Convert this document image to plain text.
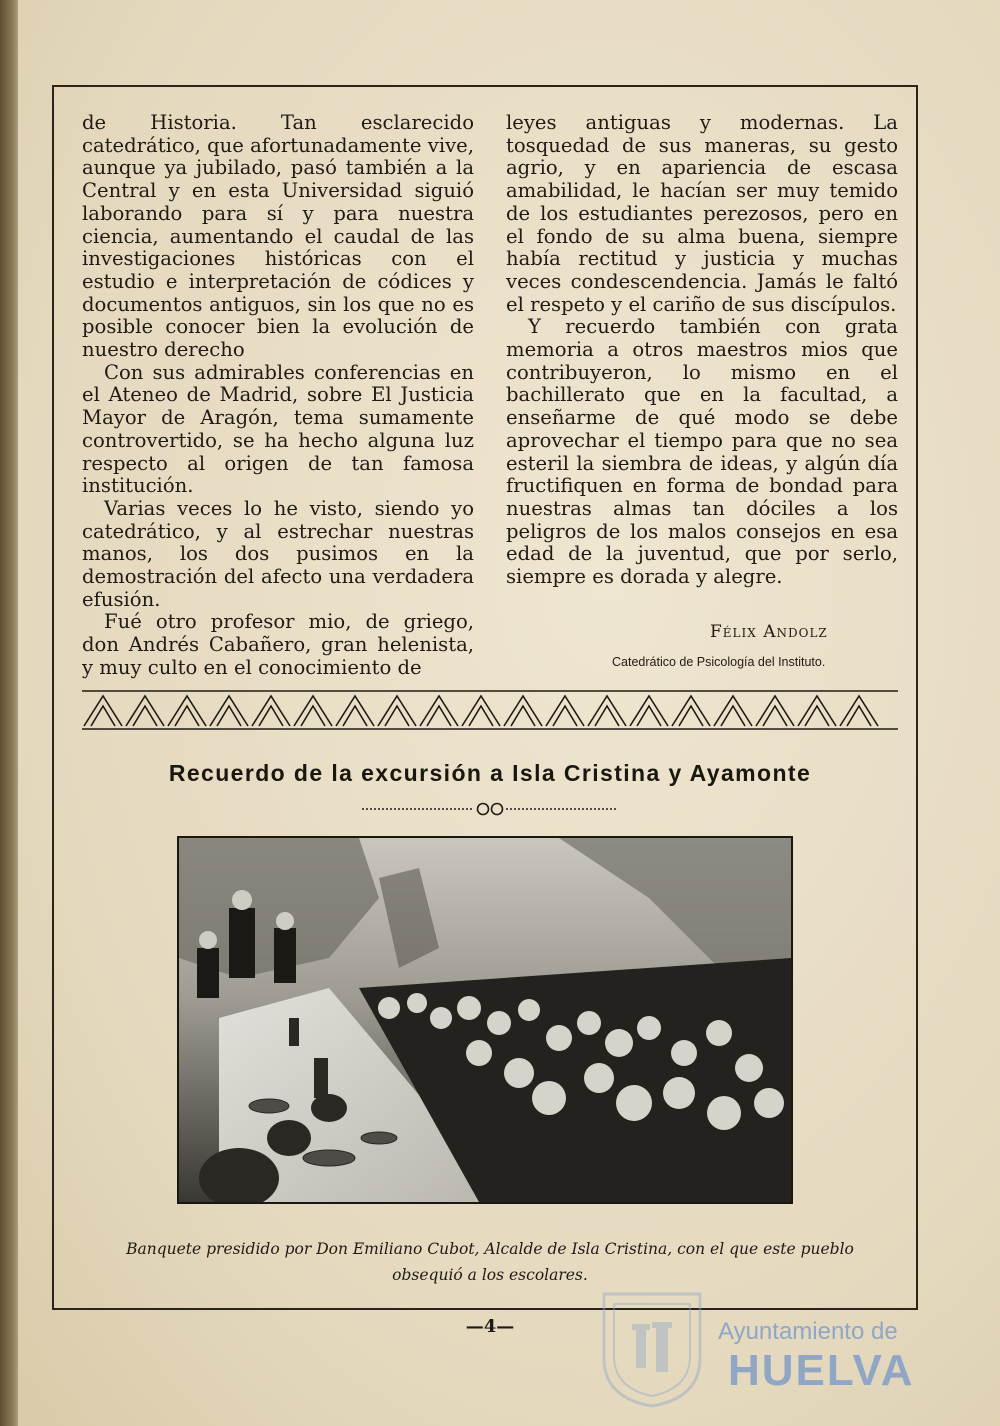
de Historia. Tan esclarecido catedrático, que afortunadamente vive, aunque ya jubilado, pasó también a la Central y en esta Universidad siguió laborando para sí y para nuestra ciencia, aumentando el caudal de las investigaciones históricas con el estudio e interpretación de códices y documentos antiguos, sin los que no es posible conocer bien la evolución de nuestro derecho

Con sus admirables conferencias en el Ateneo de Madrid, sobre El Justicia Mayor de Aragón, tema sumamente controvertido, se ha hecho alguna luz respecto al origen de tan famosa institución.

Varias veces lo he visto, siendo yo catedrático, y al estrechar nuestras manos, los dos pusimos en la demostración del afecto una verdadera efusión.

Fué otro profesor mio, de griego, don Andrés Cabañero, gran helenista, y muy culto en el conocimiento de

leyes antiguas y modernas. La tosquedad de sus maneras, su gesto agrio, y en apariencia de escasa amabilidad, le hacían ser muy temido de los estudiantes perezosos, pero en el fondo de su alma buena, siempre había rectitud y justicia y muchas veces condescendencia. Jamás le faltó el respeto y el cariño de sus discípulos.

Y recuerdo también con grata memoria a otros maestros mios que contribuyeron, lo mismo en el bachillerato que en la facultad, a enseñarme de qué modo se debe aprovechar el tiempo para que no sea esteril la siembra de ideas, y algún día fructifiquen en forma de bondad para nuestras almas tan dóciles a los peligros de los malos consejos en esa edad de la juventud, que por serlo, siempre es dorada y alegre.

Félix Andolz
Catedrático de Psicología del Instituto.
Recuerdo de la excursión a Isla Cristina y Ayamonte
Banquete presidido por Don Emiliano Cubot, Alcalde de Isla Cristina, con el que este pueblo obsequió a los escolares.
—4—	Ayuntamiento de
HUELVA
